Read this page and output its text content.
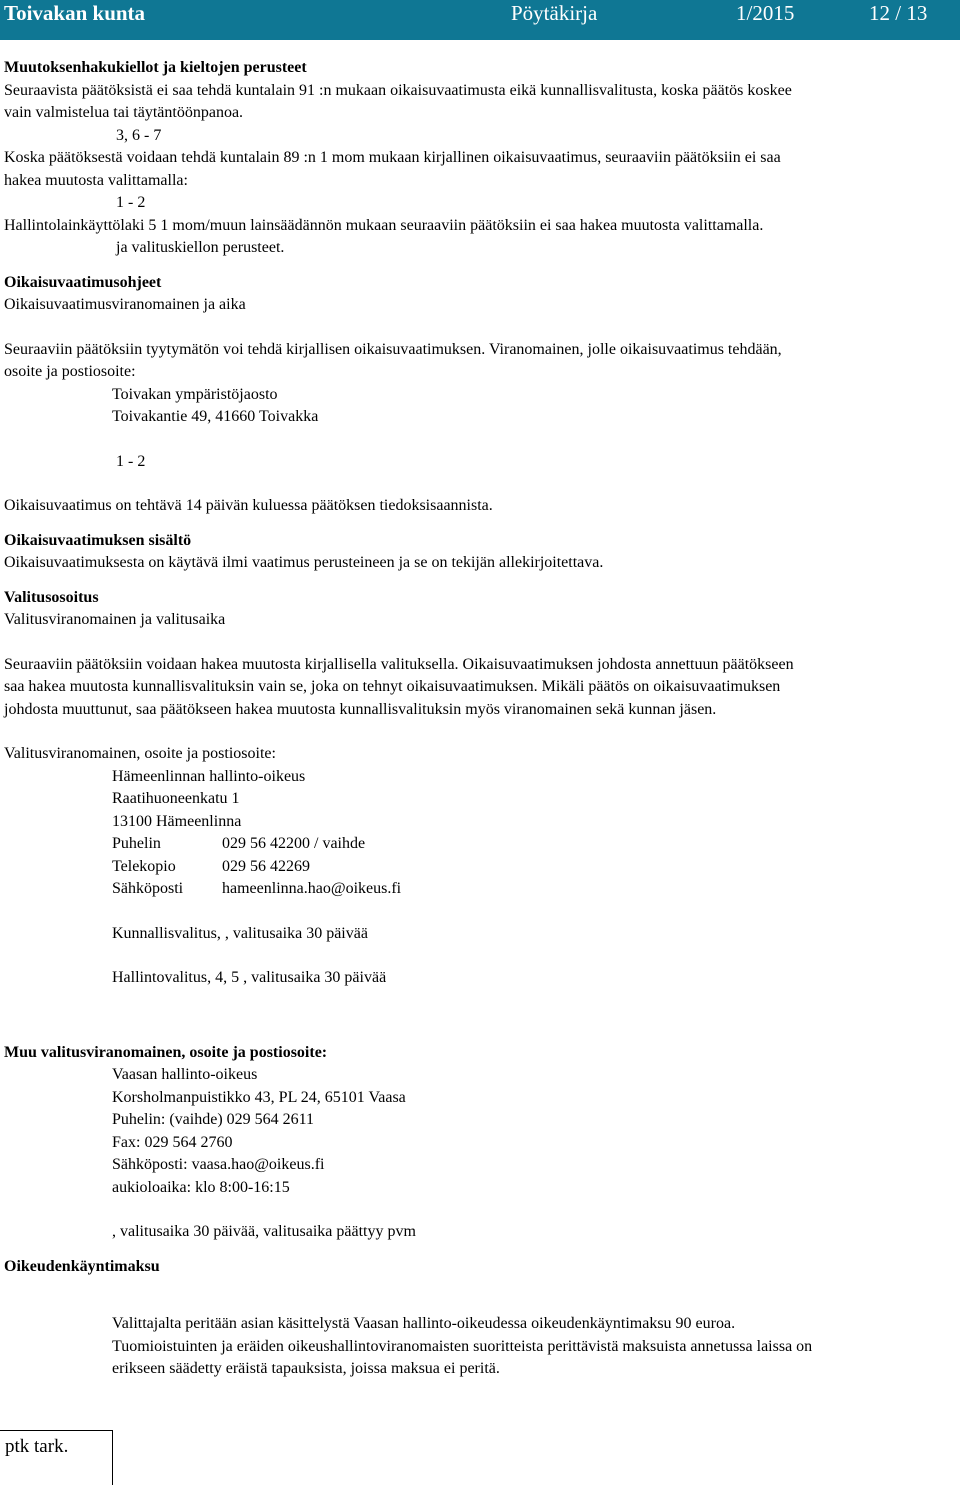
Toivakan kunta	Pöytäkirja	1/2015	12 / 13

Muutoksenhakukiellot ja kieltojen perusteet

Seuraavista päätöksistä ei saa tehdä kuntalain 91 :n mukaan oikaisuvaatimusta eikä kunnallisvalitusta, koska päätös koskee

vain valmistelua tai täytäntöönpanoa.

3, 6 - 7

Koska päätöksestä voidaan tehdä kuntalain 89 :n 1 mom mukaan kirjallinen oikaisuvaatimus, seuraaviin päätöksiin ei saa

hakea muutosta valittamalla:

1 - 2

Hallintolainkäyttölaki 5 1 mom/muun lainsäädännön mukaan seuraaviin päätöksiin ei saa hakea muutosta valittamalla.

ja valituskiellon perusteet.

Oikaisuvaatimusohjeet

Oikaisuvaatimusviranomainen ja aika

Seuraaviin päätöksiin tyytymätön voi tehdä kirjallisen oikaisuvaatimuksen. Viranomainen, jolle oikaisuvaatimus tehdään,

osoite ja postiosoite:

Toivakan ympäristöjaosto

Toivakantie 49, 41660 Toivakka

1 - 2

Oikaisuvaatimus on tehtävä 14 päivän kuluessa päätöksen tiedoksisaannista.

Oikaisuvaatimuksen sisältö

Oikaisuvaatimuksesta on käytävä ilmi vaatimus perusteineen ja se on tekijän allekirjoitettava.

Valitusosoitus

Valitusviranomainen ja valitusaika

Seuraaviin päätöksiin voidaan hakea muutosta kirjallisella valituksella. Oikaisuvaatimuksen johdosta annettuun päätökseen

saa hakea muutosta kunnallisvalituksin vain se, joka on tehnyt oikaisuvaatimuksen. Mikäli päätös on oikaisuvaatimuksen

johdosta muuttunut, saa päätökseen hakea muutosta kunnallisvalituksin myös viranomainen sekä kunnan jäsen.

Valitusviranomainen, osoite ja postiosoite:

Hämeenlinnan hallinto-oikeus

Raatihuoneenkatu 1

13100 Hämeenlinna

Puhelin	029 56 42200 / vaihde
Telekopio	029 56 42269
Sähköposti	hameenlinna.hao@oikeus.fi

Kunnallisvalitus, , valitusaika 30 päivää

Hallintovalitus, 4, 5 , valitusaika 30 päivää

Muu valitusviranomainen, osoite ja postiosoite:

Vaasan hallinto-oikeus

Korsholmanpuistikko 43, PL 24, 65101 Vaasa

Puhelin: (vaihde) 029 564 2611

Fax: 029 564 2760

Sähköposti: vaasa.hao@oikeus.fi

aukioloaika: klo 8:00-16:15

, valitusaika 30 päivää, valitusaika päättyy pvm

Oikeudenkäyntimaksu

Valittajalta peritään asian käsittelystä Vaasan hallinto-oikeudessa oikeudenkäyntimaksu 90 euroa.

Tuomioistuinten ja eräiden oikeushallintoviranomaisten suoritteista perittävistä maksuista annetussa laissa on

erikseen säädetty eräistä tapauksista, joissa maksua ei peritä.

ptk tark.
